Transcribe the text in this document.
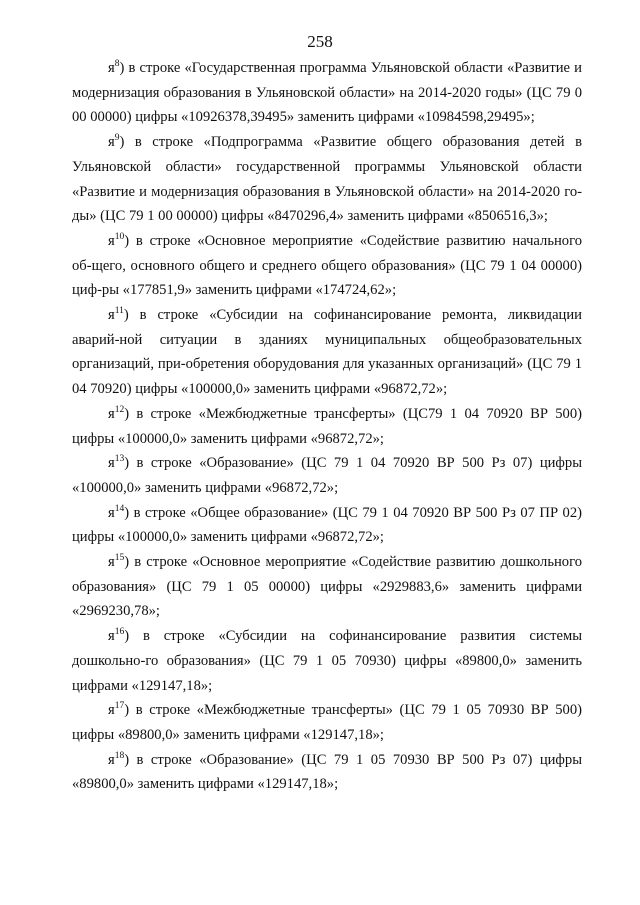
258

$я^8$) в строке «Государственная программа Ульяновской области «Развитие и модернизация образования в Ульяновской области» на 2014-2020 годы» (ЦС 79 0 00 00000) цифры «10926378,39495» заменить цифрами «10984598,29495»;

$я^9$) в строке «Подпрограмма «Развитие общего образования детей в Ульяновской области» государственной программы Ульяновской области «Развитие и модернизация образования в Ульяновской области» на 2014-2020 го-ды» (ЦС 79 1 00 00000) цифры «8470296,4» заменить цифрами «8506516,3»;

$я^{10}$) в строке «Основное мероприятие «Содействие развитию начального об-щего, основного общего и среднего общего образования» (ЦС 79 1 04 00000) циф-ры «177851,9» заменить цифрами «174724,62»;

$я^{11}$) в строке «Субсидии на софинансирование ремонта, ликвидации аварий-ной ситуации в зданиях муниципальных общеобразовательных организаций, при-обретения оборудования для указанных организаций» (ЦС 79 1 04 70920) цифры «100000,0» заменить цифрами «96872,72»;

$я^{12}$) в строке «Межбюджетные трансферты» (ЦС79 1 04 70920 ВР 500) цифры «100000,0» заменить цифрами «96872,72»;

$я^{13}$) в строке «Образование» (ЦС 79 1 04 70920 ВР 500 Рз 07) цифры «100000,0» заменить цифрами «96872,72»;

$я^{14}$) в строке «Общее образование» (ЦС 79 1 04 70920 ВР 500 Рз 07 ПР 02) цифры «100000,0» заменить цифрами «96872,72»;

$я^{15}$) в строке «Основное мероприятие «Содействие развитию дошкольного образования» (ЦС 79 1 05 00000) цифры «2929883,6» заменить цифрами «2969230,78»;

$я^{16}$) в строке «Субсидии на софинансирование развития системы дошкольно-го образования» (ЦС 79 1 05 70930) цифры «89800,0» заменить цифрами «129147,18»;

$я^{17}$) в строке «Межбюджетные трансферты» (ЦС 79 1 05 70930 ВР 500) цифры «89800,0» заменить цифрами «129147,18»;

$я^{18}$) в строке «Образование» (ЦС 79 1 05 70930 ВР 500 Рз 07) цифры «89800,0» заменить цифрами «129147,18»;
